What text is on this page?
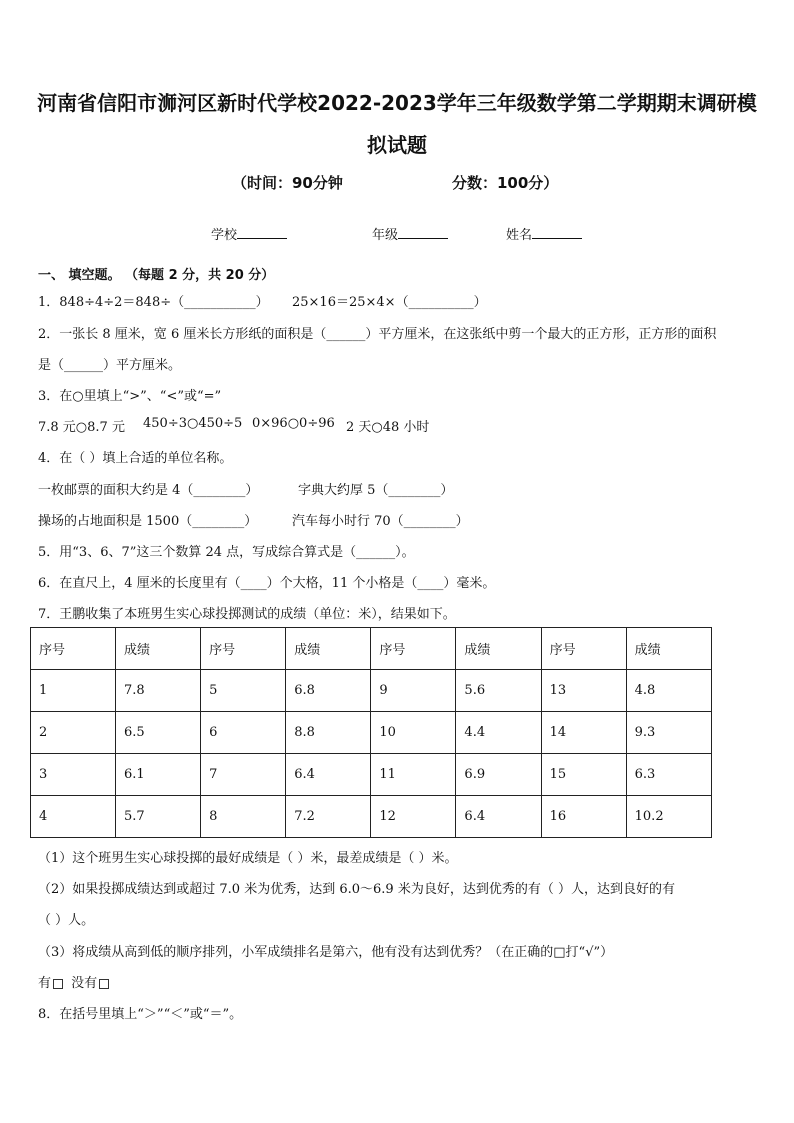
河南省信阳市浉河区新时代学校2022-2023学年三年级数学第二学期期末调研模拟试题
（时间：90分钟	分数：100分）
学校	年级	姓名
一、 填空题。 （每题 2 分，共 20 分）
1．848÷4÷2＝848÷（___________） 25×16＝25×4×（__________）
2．一张长 8 厘米，宽 6 厘米长方形纸的面积是（______）平方厘米，在这张纸中剪一个最大的正方形，正方形的面积
是（______）平方厘米。
3．在○里填上“>”、“<”或“=”
7.8 元○8.7 元 450÷3○450÷5 0×96○0÷96 2 天○48 小时
4．在（ ）填上合适的单位名称。
一枚邮票的面积大约是 4（________）	字典大约厚 5（________）
操场的占地面积是 1500（________）	汽车每小时行 70（________）
5．用“3、6、7”这三个数算 24 点，写成综合算式是（______）。
6．在直尺上，4 厘米的长度里有（____）个大格，11 个小格是（____）毫米。
7．王鹏收集了本班男生实心球投掷测试的成绩（单位：米），结果如下。
序号	成绩	序号	成绩	序号	成绩	序号	成绩
1	7.8	5	6.8	9	5.6	13	4.8
2	6.5	6	8.8	10	4.4	14	9.3
3	6.1	7	6.4	11	6.9	15	6.3
4	5.7	8	7.2	12	6.4	16	10.2
（1）这个班男生实心球投掷的最好成绩是（ ）米，最差成绩是（ ）米。
（2）如果投掷成绩达到或超过 7.0 米为优秀，达到 6.0～6.9 米为良好，达到优秀的有（ ）人，达到良好的有
（ ）人。
（3）将成绩从高到低的顺序排列，小军成绩排名是第六，他有没有达到优秀？（在正确的□打“√”）
有 没有
8．在括号里填上“＞”“＜”或“＝”。
